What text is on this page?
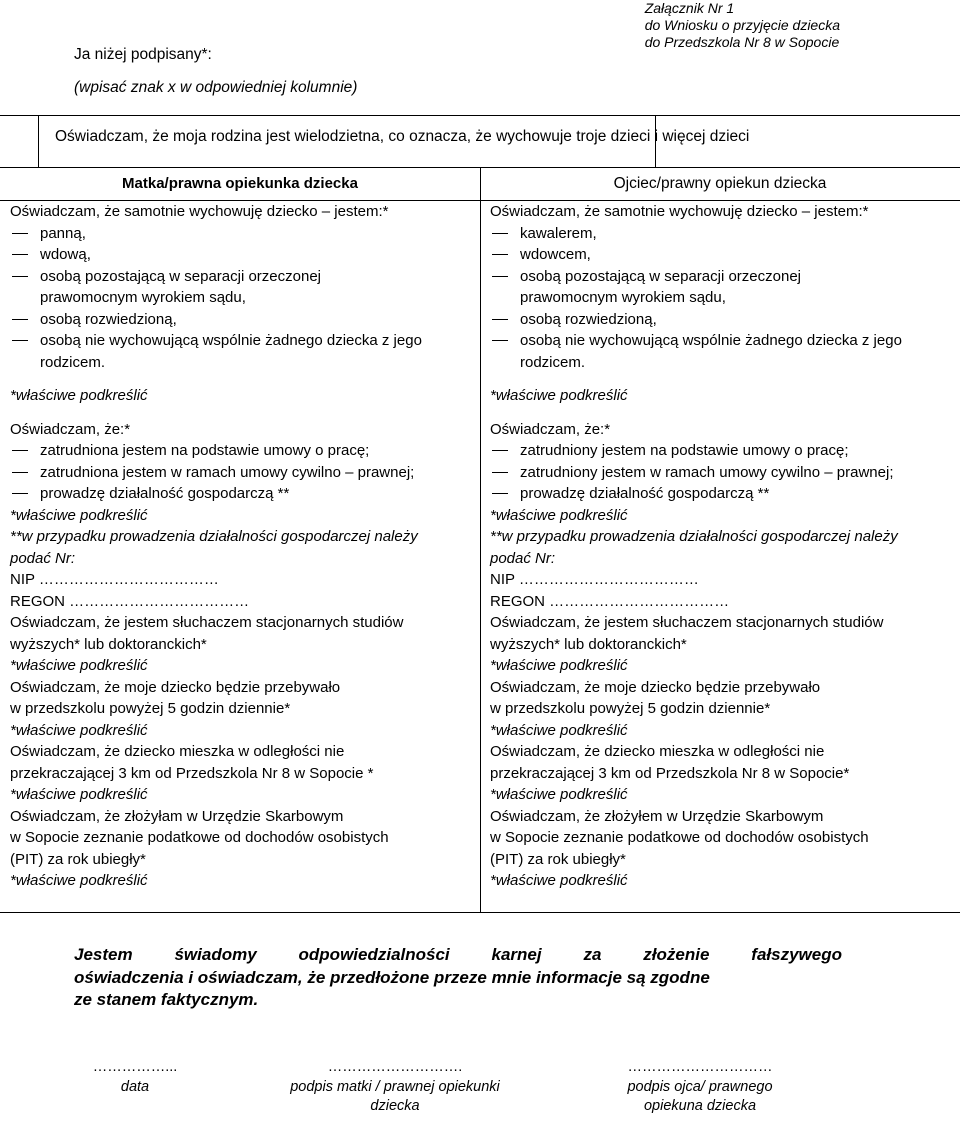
Załącznik Nr 1
do Wniosku o przyjęcie dziecka
do Przedszkola Nr 8 w Sopocie
Ja niżej podpisany*:
(wpisać znak x w odpowiedniej kolumnie)
Oświadczam, że moja rodzina jest wielodzietna, co oznacza, że wychowuje troje dzieci i więcej dzieci
Matka/prawna opiekunka dziecka
Oświadczam, że samotnie wychowuję dziecko – jestem:*
panną,
wdową,
osobą pozostającą w separacji orzeczonej
prawomocnym wyrokiem sądu,
osobą rozwiedzioną,
osobą nie wychowującą wspólnie żadnego dziecka z jego
rodzicem.
*właściwe podkreślić
Oświadczam, że:*
zatrudniona jestem na podstawie umowy o pracę;
zatrudniona jestem w ramach umowy cywilno – prawnej;
prowadzę działalność gospodarczą **
*właściwe podkreślić
**w przypadku prowadzenia działalności gospodarczej należy
podać Nr:
NIP ………………………………
REGON ………………………………
Oświadczam, że jestem słuchaczem stacjonarnych studiów
wyższych* lub doktoranckich*
*właściwe podkreślić
Oświadczam, że moje dziecko będzie przebywało
w przedszkolu powyżej 5 godzin dziennie*
*właściwe podkreślić
Oświadczam, że dziecko mieszka w odległości nie
przekraczającej 3 km od Przedszkola Nr 8 w Sopocie *
*właściwe podkreślić
Oświadczam, że złożyłam w Urzędzie Skarbowym
w Sopocie zeznanie podatkowe od dochodów osobistych
(PIT) za rok ubiegły*
*właściwe podkreślić
Ojciec/prawny opiekun dziecka
Oświadczam, że samotnie wychowuję dziecko – jestem:*
kawalerem,
wdowcem,
osobą pozostającą w separacji orzeczonej
prawomocnym wyrokiem sądu,
osobą rozwiedzioną,
osobą nie wychowującą wspólnie żadnego dziecka z jego
rodzicem.
*właściwe podkreślić
Oświadczam, że:*
zatrudniony jestem na podstawie umowy o pracę;
zatrudniony jestem w ramach umowy cywilno – prawnej;
prowadzę działalność gospodarczą **
*właściwe podkreślić
**w przypadku prowadzenia działalności gospodarczej należy
podać Nr:
NIP ………………………………
REGON ………………………………
Oświadczam, że jestem słuchaczem stacjonarnych studiów
wyższych* lub doktoranckich*
*właściwe podkreślić
Oświadczam, że moje dziecko będzie przebywało
w przedszkolu powyżej 5 godzin dziennie*
*właściwe podkreślić
Oświadczam, że dziecko mieszka w odległości nie
przekraczającej 3 km od Przedszkola Nr 8 w Sopocie*
*właściwe podkreślić
Oświadczam, że złożyłem w Urzędzie Skarbowym
w Sopocie zeznanie podatkowe od dochodów osobistych
(PIT) za rok ubiegły*
*właściwe podkreślić
Jestem świadomy odpowiedzialności karnej za złożenie fałszywego
oświadczenia i oświadczam, że przedłożone przeze mnie informacje są zgodne
ze stanem faktycznym.
……………...
data
……………………….
podpis matki / prawnej opiekunki
dziecka
…………………………
podpis ojca/ prawnego
opiekuna dziecka
